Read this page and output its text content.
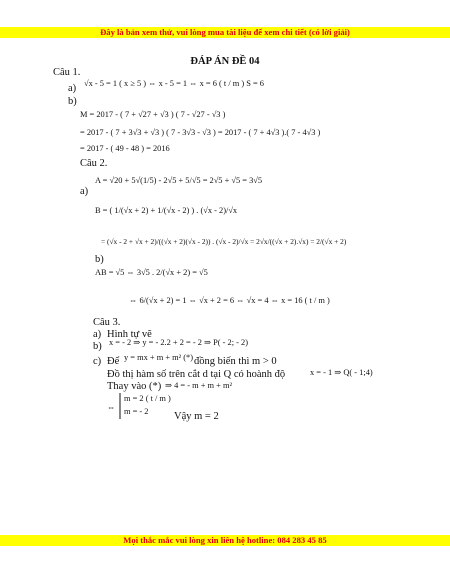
Đây là bản xem thử, vui lòng mua tài liệu để xem chi tiết (có lời giải)
ĐÁP ÁN ĐỀ 04
Câu 1.
a) √x - 5 = 1 ( x ≥ 5 ) ⇔ x - 5 = 1 ⇔ x = 6 ( t / m ) S = 6
b)
M = 2017 - ( 7 + √27 + √3 ) ( 7 - √27 - √3 )
= 2017 - ( 7 + 3√3 + √3 ) ( 7 - 3√3 - √3 ) = 2017 - ( 7 + 4√3 ).( 7 - 4√3 )
= 2017 - ( 49 - 48 ) = 2016
Câu 2.
a)
A = √20 + 5√(1/5) - 2√5 + 5/√5 = 2√5 + √5 = 3√5
B = ( 1/(√x + 2) + 1/(√x - 2) ) . (√x - 2)/√x
= (√x - 2 + √x + 2)/((√x + 2)(√x - 2)) . (√x - 2)/√x = 2√x/((√x + 2).√x) = 2/(√x + 2)
b)
AB = √5 ⇔ 3√5 . 2/(√x + 2) = √5
⇔ 6/(√x + 2) = 1 ⇔ √x + 2 = 6 ⇔ √x = 4 ⇔ x = 16 ( t / m )
Câu 3.
a) Hình tự vẽ
b) x = - 2 ⇒ y = - 2.2 + 2 = - 2 ⇒ P( - 2; - 2)
c) Để y = mx + m + m² (*) đồng biến thì m > 0
Đồ thị hàm số trên cắt d tại Q có hoành độ	x = - 1 ⇒ Q( - 1;4)
Thay vào (*) ⇒ 4 = - m + m + m²
⇔
m = 2 ( t / m )
m = - 2 Vậy m = 2
Mọi thắc mắc vui lòng xin liên hệ hotline: 084 283 45 85
